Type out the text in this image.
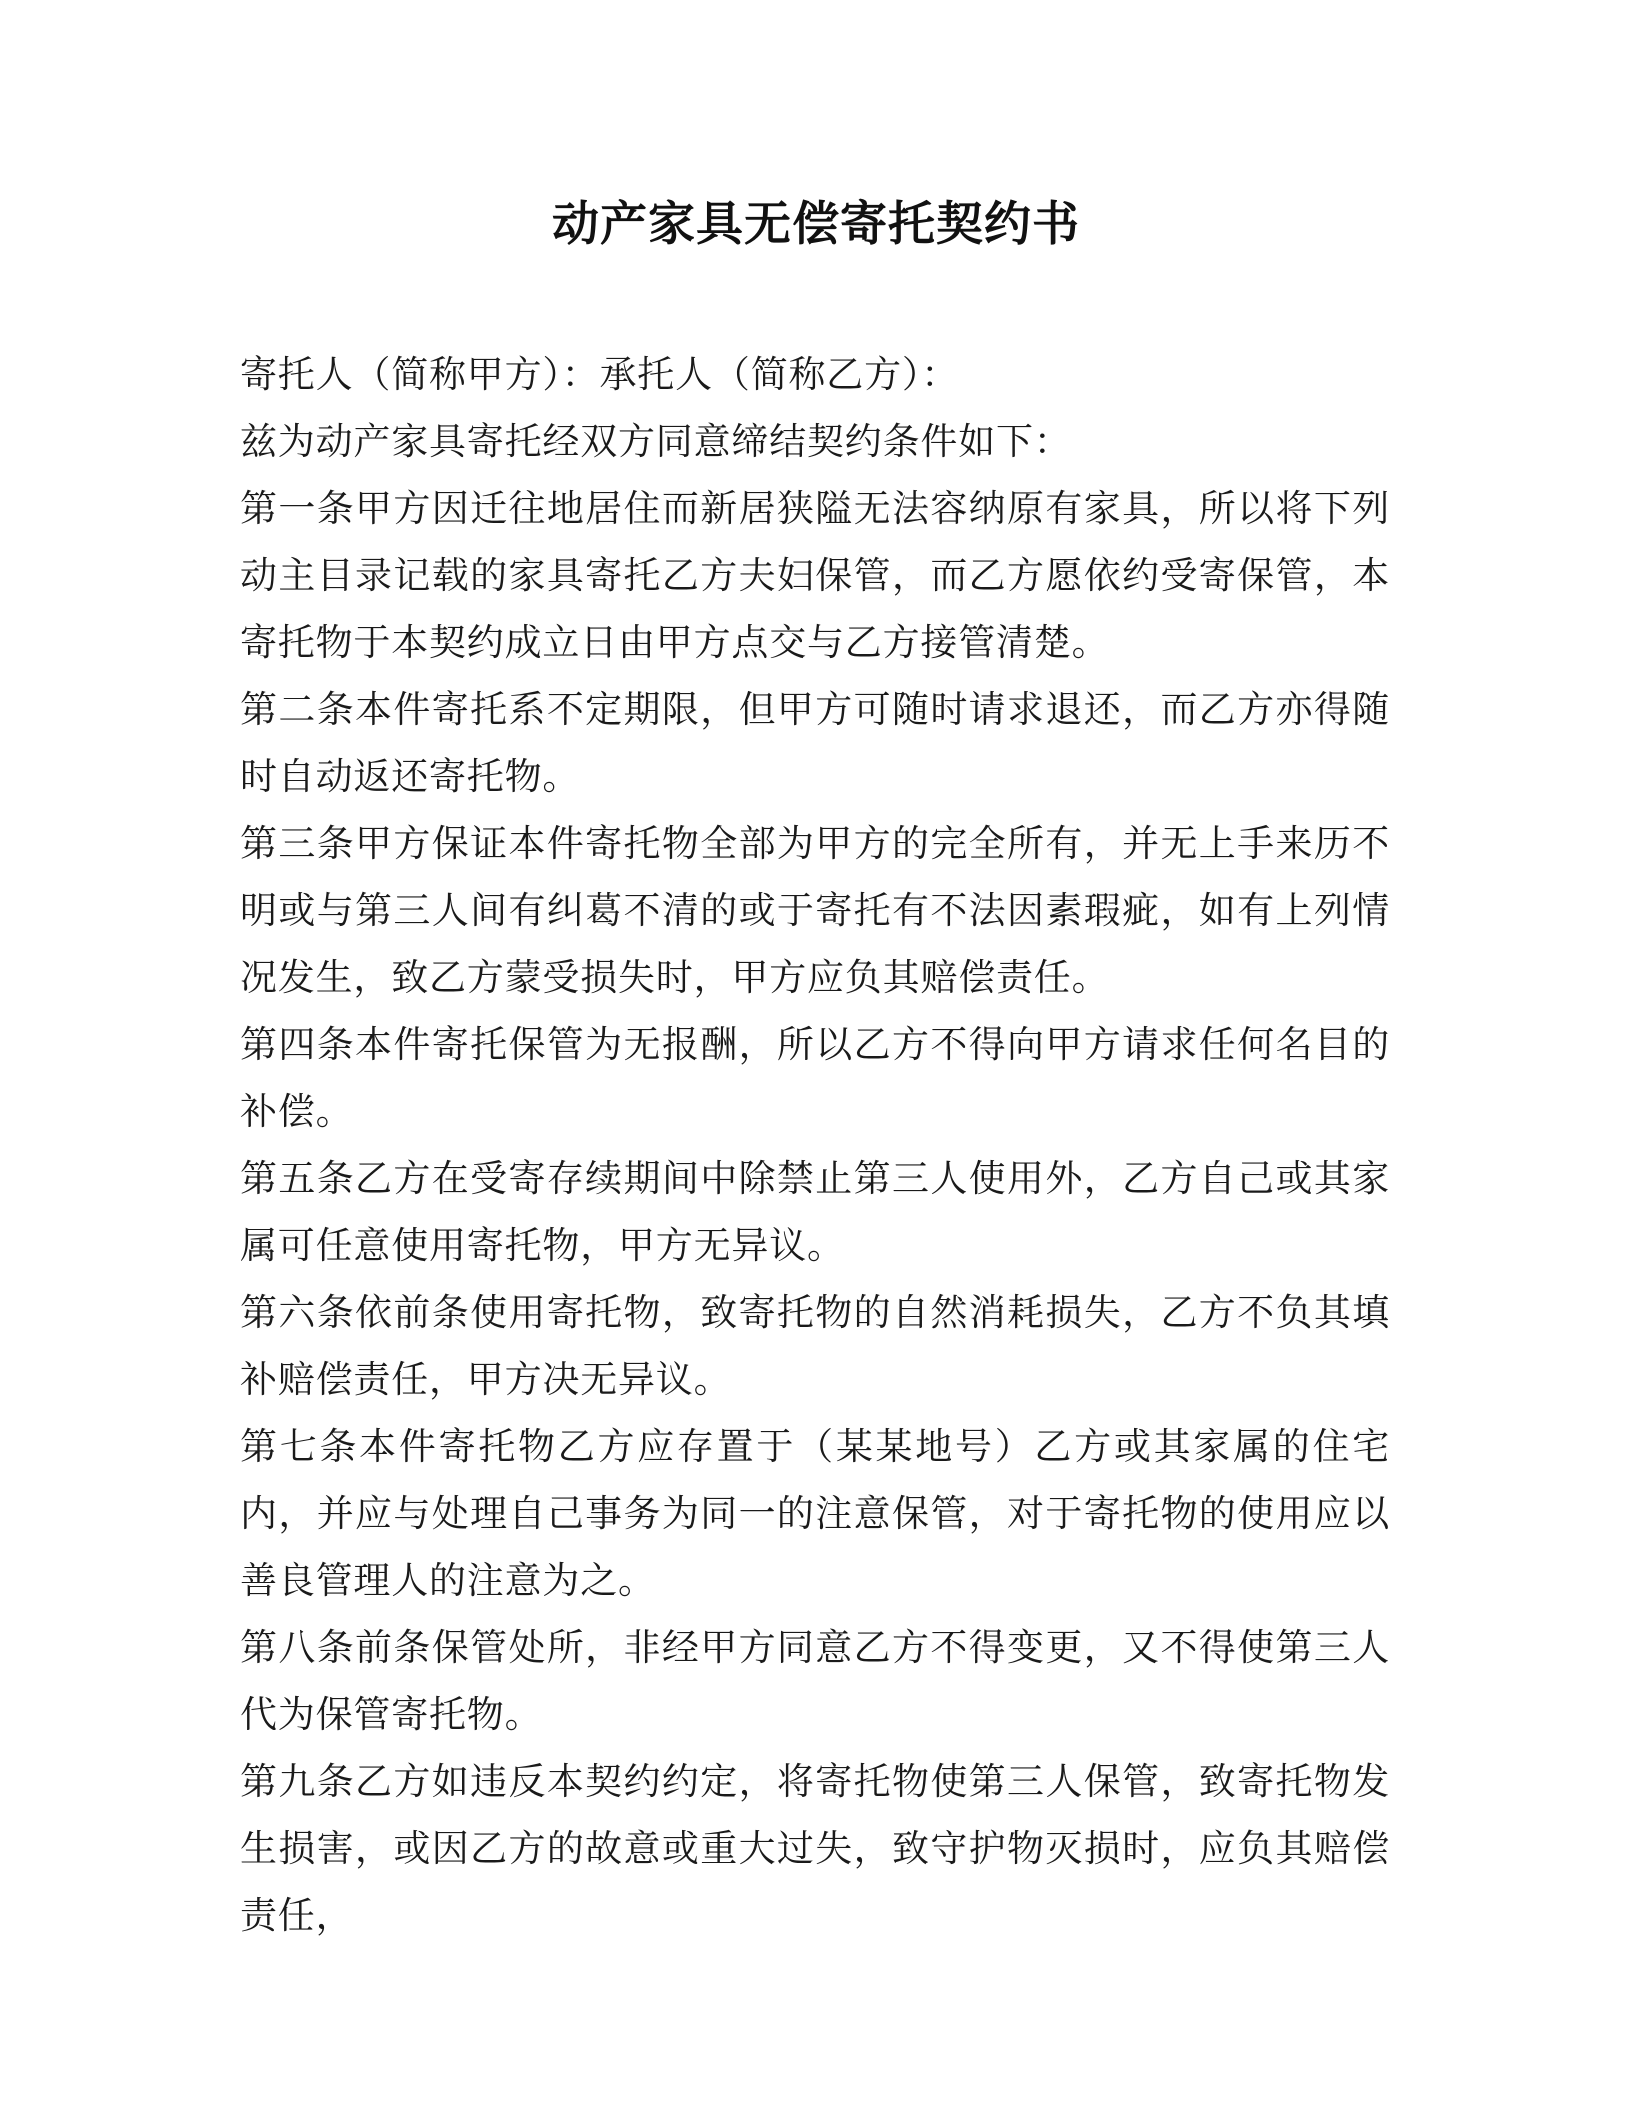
动产家具无偿寄托契约书

寄托人（简称甲方）：承托人（简称乙方）：

兹为动产家具寄托经双方同意缔结契约条件如下：

第一条甲方因迁往地居住而新居狭隘无法容纳原有家具，所以将下列动主目录记载的家具寄托乙方夫妇保管，而乙方愿依约受寄保管，本寄托物于本契约成立日由甲方点交与乙方接管清楚。

第二条本件寄托系不定期限，但甲方可随时请求退还，而乙方亦得随时自动返还寄托物。

第三条甲方保证本件寄托物全部为甲方的完全所有，并无上手来历不明或与第三人间有纠葛不清的或于寄托有不法因素瑕疵，如有上列情况发生，致乙方蒙受损失时，甲方应负其赔偿责任。

第四条本件寄托保管为无报酬，所以乙方不得向甲方请求任何名目的补偿。

第五条乙方在受寄存续期间中除禁止第三人使用外，乙方自己或其家属可任意使用寄托物，甲方无异议。

第六条依前条使用寄托物，致寄托物的自然消耗损失，乙方不负其填补赔偿责任，甲方决无异议。

第七条本件寄托物乙方应存置于（某某地号）乙方或其家属的住宅内，并应与处理自己事务为同一的注意保管，对于寄托物的使用应以善良管理人的注意为之。

第八条前条保管处所，非经甲方同意乙方不得变更，又不得使第三人代为保管寄托物。

第九条乙方如违反本契约约定，将寄托物使第三人保管，致寄托物发生损害，或因乙方的故意或重大过失，致守护物灭损时，应负其赔偿责任，
